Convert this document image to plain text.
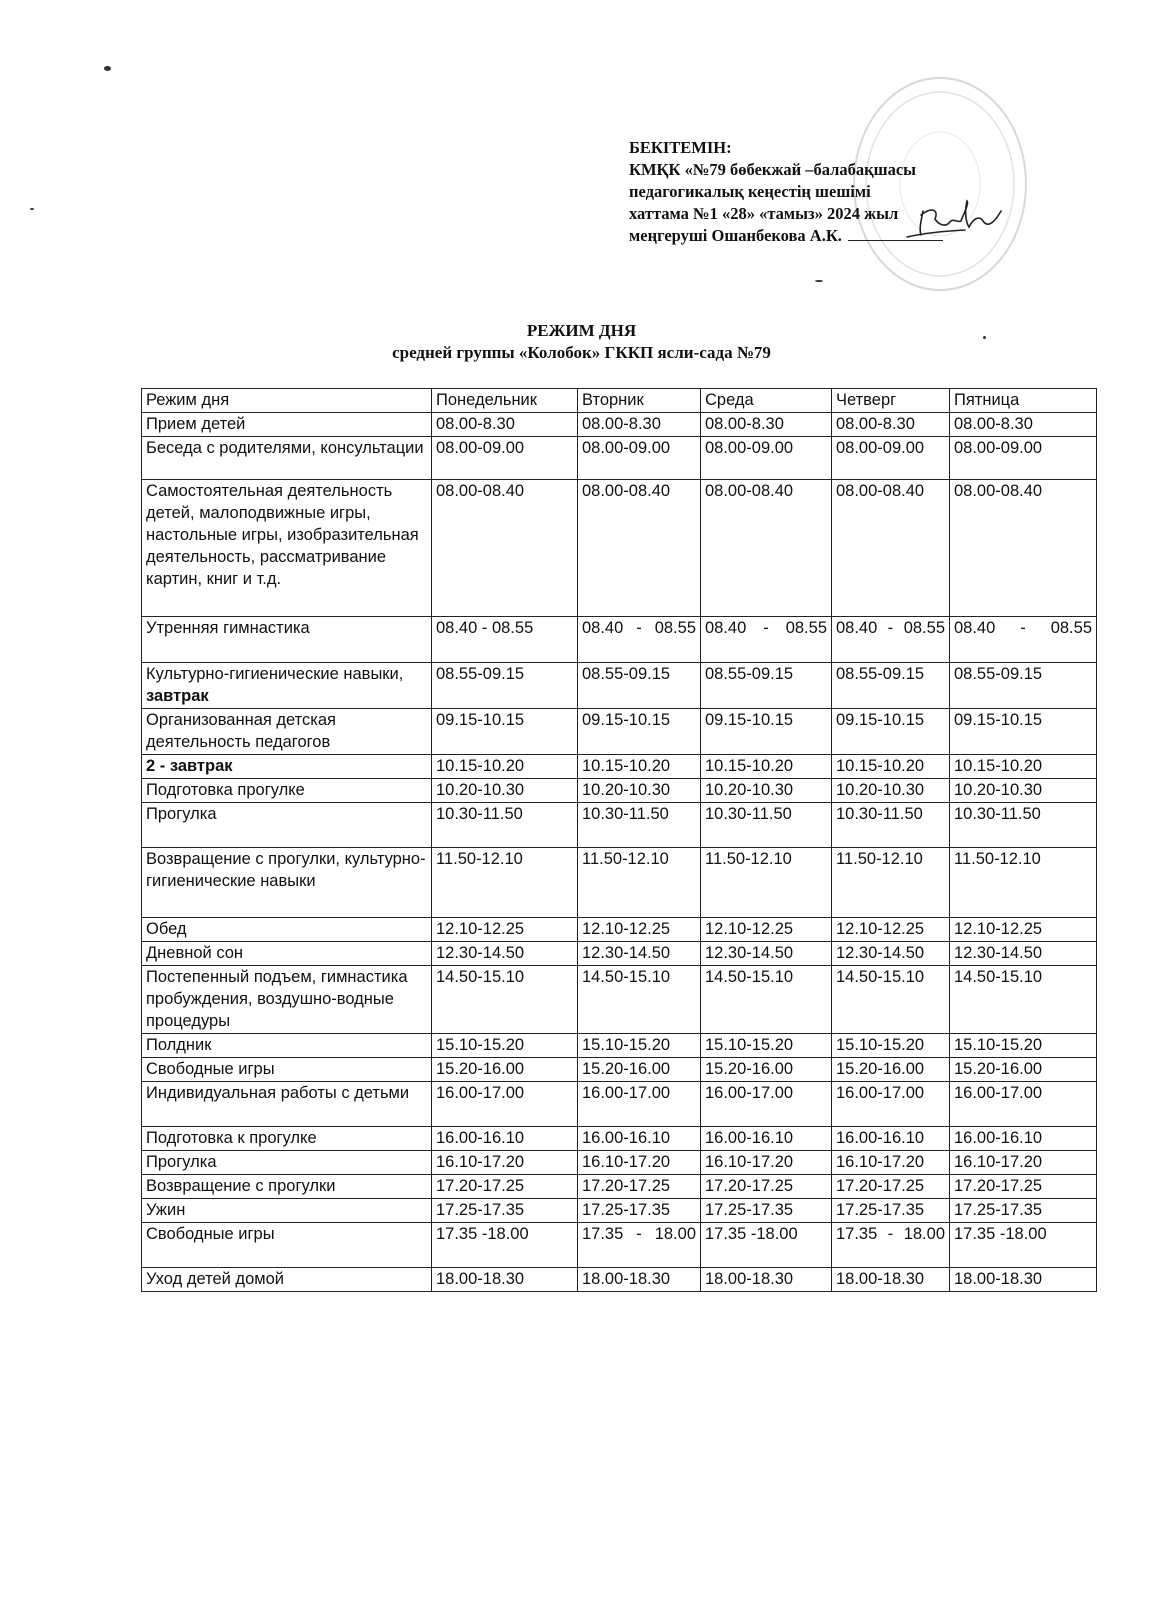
БЕКІТЕМІН:
КМҚК «№79 бөбекжай –балабақшасы
педагогикалық кеңестің шешімі
хаттама №1 «28» «тамыз» 2024 жыл
меңгеруші Ошанбекова А.К.
РЕЖИМ ДНЯ
средней группы «Колобок» ГККП ясли-сада №79
Режим дня	Понедельник	Вторник	Среда	Четверг	Пятница
Прием детей	08.00-8.30	08.00-8.30	08.00-8.30	08.00-8.30	08.00-8.30
Беседа с родителями, консультации	08.00-09.00	08.00-09.00	08.00-09.00	08.00-09.00	08.00-09.00
Самостоятельная деятельность детей, малоподвижные игры, настольные игры, изобразительная деятельность, рассматривание картин, книг и т.д.	08.00-08.40	08.00-08.40	08.00-08.40	08.00-08.40	08.00-08.40
Утренняя гимнастика	08.40 - 08.55	08.40 - 08.55	08.40 - 08.55	08.40 - 08.55	08.40 - 08.55
Культурно-гигиенические навыки, завтрак	08.55-09.15	08.55-09.15	08.55-09.15	08.55-09.15	08.55-09.15
Организованная детская деятельность педагогов	09.15-10.15	09.15-10.15	09.15-10.15	09.15-10.15	09.15-10.15
2 - завтрак	10.15-10.20	10.15-10.20	10.15-10.20	10.15-10.20	10.15-10.20
Подготовка прогулке	10.20-10.30	10.20-10.30	10.20-10.30	10.20-10.30	10.20-10.30
Прогулка	10.30-11.50	10.30-11.50	10.30-11.50	10.30-11.50	10.30-11.50
Возвращение с прогулки, культурно-гигиенические навыки	11.50-12.10	11.50-12.10	11.50-12.10	11.50-12.10	11.50-12.10
Обед	12.10-12.25	12.10-12.25	12.10-12.25	12.10-12.25	12.10-12.25
Дневной сон	12.30-14.50	12.30-14.50	12.30-14.50	12.30-14.50	12.30-14.50
Постепенный подъем, гимнастика пробуждения, воздушно-водные процедуры	14.50-15.10	14.50-15.10	14.50-15.10	14.50-15.10	14.50-15.10
Полдник	15.10-15.20	15.10-15.20	15.10-15.20	15.10-15.20	15.10-15.20
Свободные игры	15.20-16.00	15.20-16.00	15.20-16.00	15.20-16.00	15.20-16.00
Индивидуальная работы с детьми	16.00-17.00	16.00-17.00	16.00-17.00	16.00-17.00	16.00-17.00
Подготовка к прогулке	16.00-16.10	16.00-16.10	16.00-16.10	16.00-16.10	16.00-16.10
Прогулка	16.10-17.20	16.10-17.20	16.10-17.20	16.10-17.20	16.10-17.20
Возвращение с прогулки	17.20-17.25	17.20-17.25	17.20-17.25	17.20-17.25	17.20-17.25
Ужин	17.25-17.35	17.25-17.35	17.25-17.35	17.25-17.35	17.25-17.35
Свободные игры	17.35 -18.00	17.35 - 18.00	17.35 -18.00	17.35 - 18.00	17.35 -18.00
Уход детей домой	18.00-18.30	18.00-18.30	18.00-18.30	18.00-18.30	18.00-18.30
